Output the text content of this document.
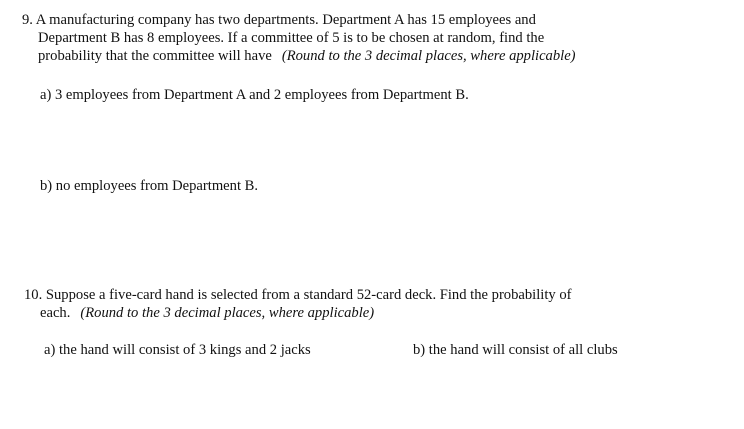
9. A manufacturing company has two departments. Department A has 15 employees and
Department B has 8 employees. If a committee of 5 is to be chosen at random, find the
probability that the committee will have (Round to the 3 decimal places, where applicable)
a) 3 employees from Department A and 2 employees from Department B.
b) no employees from Department B.
10. Suppose a five-card hand is selected from a standard 52-card deck. Find the probability of
each. (Round to the 3 decimal places, where applicable)
a) the hand will consist of 3 kings and 2 jacks	b) the hand will consist of all clubs
